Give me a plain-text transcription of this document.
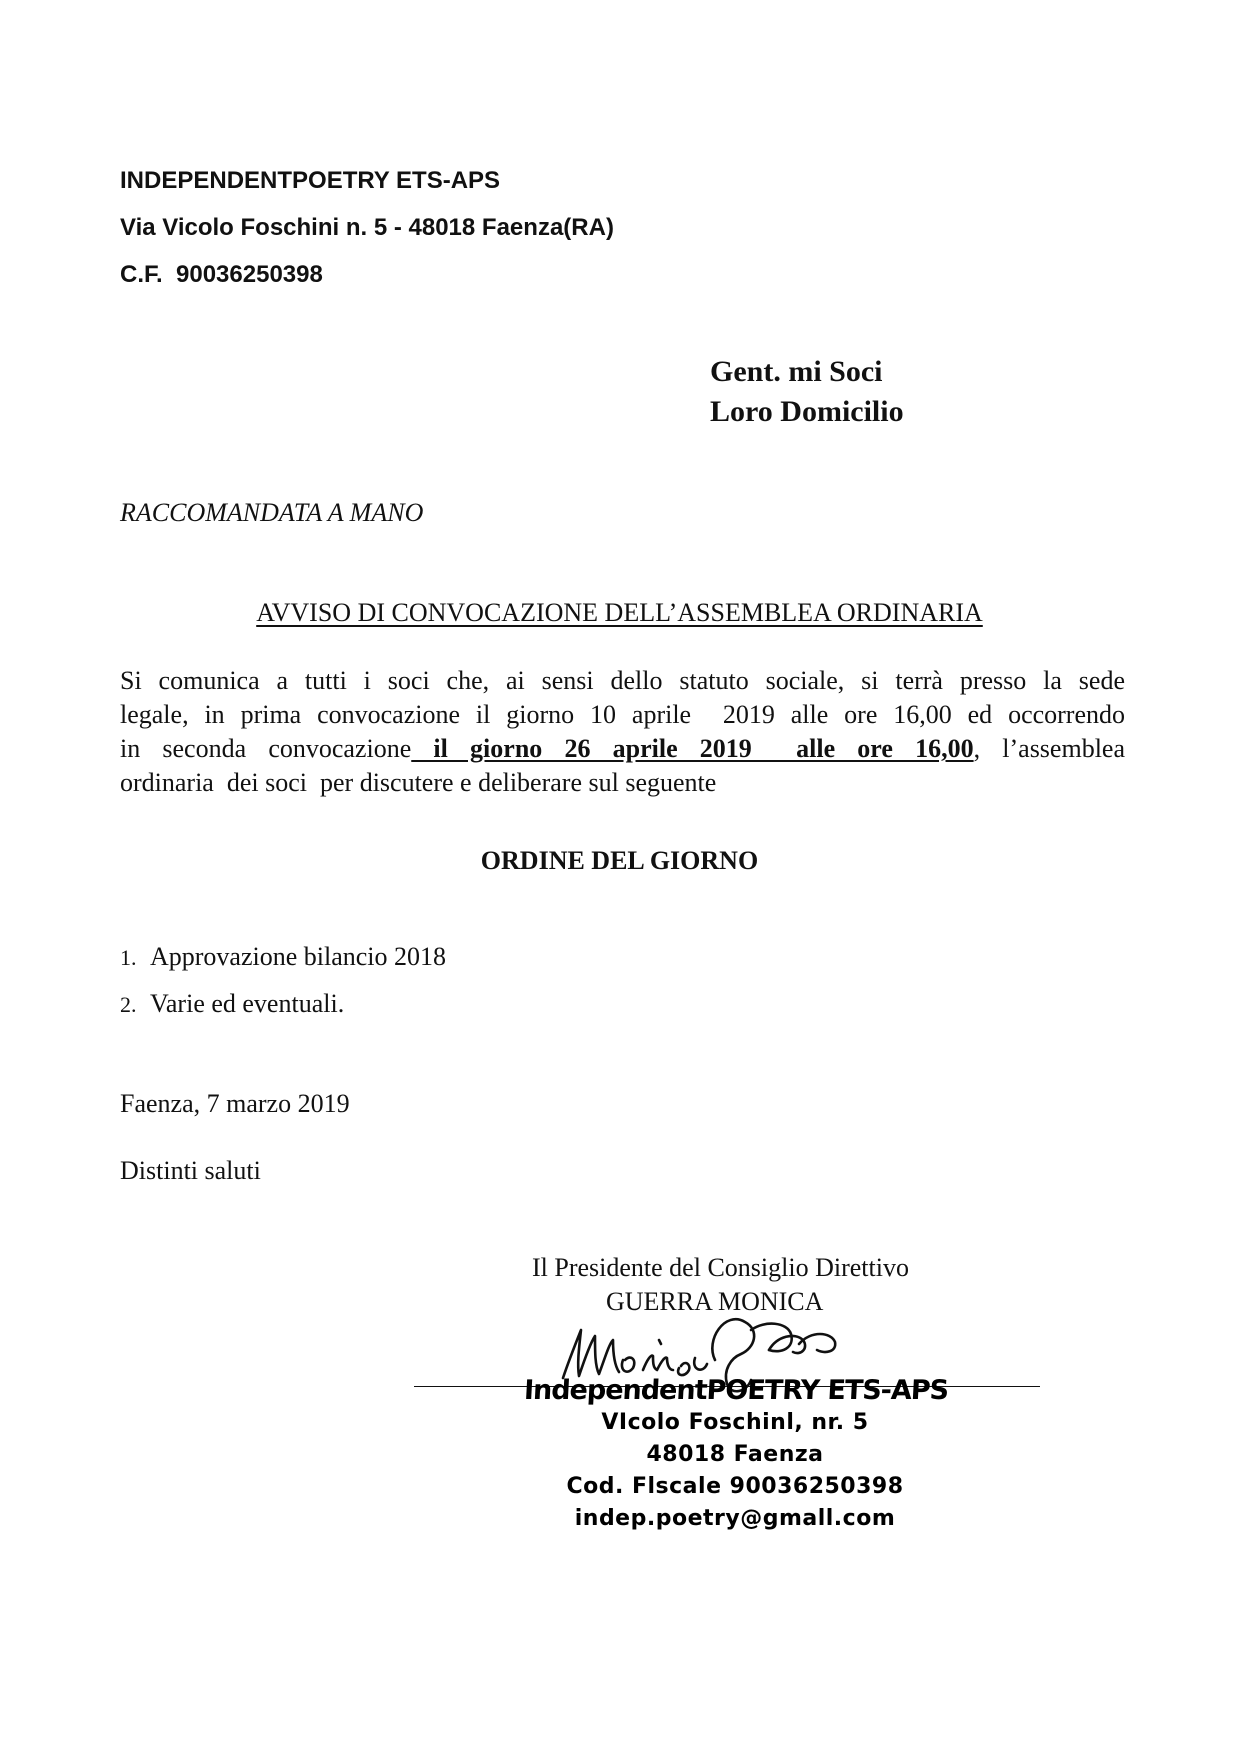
INDEPENDENTPOETRY ETS-APS
Via Vicolo Foschini n. 5 - 48018 Faenza(RA)
C.F.  90036250398
Gent. mi Soci
Loro Domicilio
RACCOMANDATA A MANO
AVVISO DI CONVOCAZIONE DELL’ASSEMBLEA ORDINARIA
Si comunica a tutti i soci che, ai sensi dello statuto sociale, si terrà presso la sede
legale, in prima convocazione il giorno 10 aprile  2019 alle ore 16,00 ed occorrendo
in seconda convocazione il giorno 26 aprile 2019  alle ore 16,00, l’assemblea
ordinaria  dei soci  per discutere e deliberare sul seguente
ORDINE DEL GIORNO
1. Approvazione bilancio 2018
2. Varie ed eventuali.
Faenza, 7 marzo 2019
Distinti saluti
Il Presidente del Consiglio Direttivo
GUERRA MONICA
IndependentPOETRY ETS-APS
VIcolo Foschinl, nr. 5
48018 Faenza
Cod. Flscale 90036250398
indep.poetry@gmall.com
